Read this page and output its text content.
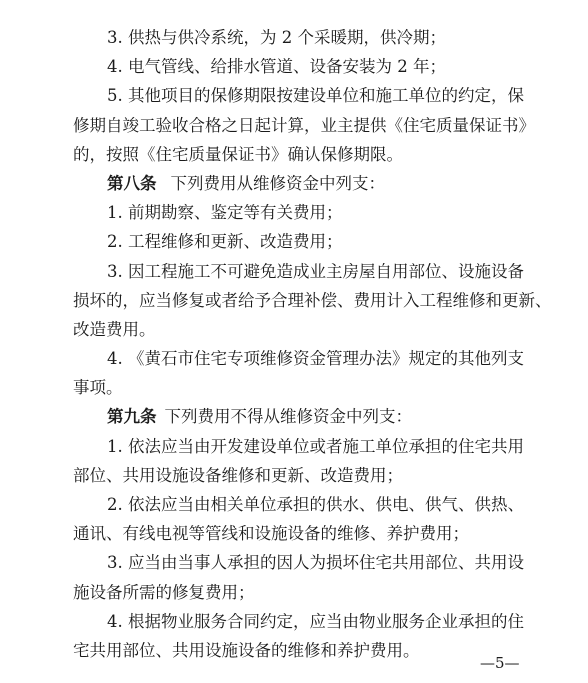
3. 供热与供冷系统，为 2 个采暖期，供冷期；
4. 电气管线、给排水管道、设备安装为 2 年；
5. 其他项目的保修期限按建设单位和施工单位的约定，保
修期自竣工验收合格之日起计算，业主提供《住宅质量保证书》
的，按照《住宅质量保证书》确认保修期限。
第八条 下列费用从维修资金中列支：
1. 前期勘察、鉴定等有关费用；
2. 工程维修和更新、改造费用；
3. 因工程施工不可避免造成业主房屋自用部位、设施设备
损坏的，应当修复或者给予合理补偿、费用计入工程维修和更新、
改造费用。
4. 《黄石市住宅专项维修资金管理办法》规定的其他列支
事项。
第九条 下列费用不得从维修资金中列支：
1. 依法应当由开发建设单位或者施工单位承担的住宅共用
部位、共用设施设备维修和更新、改造费用；
2. 依法应当由相关单位承担的供水、供电、供气、供热、
通讯、有线电视等管线和设施设备的维修、养护费用；
3. 应当由当事人承担的因人为损坏住宅共用部位、共用设
施设备所需的修复费用；
4. 根据物业服务合同约定，应当由物业服务企业承担的住
宅共用部位、共用设施设备的维修和养护费用。
—5—
